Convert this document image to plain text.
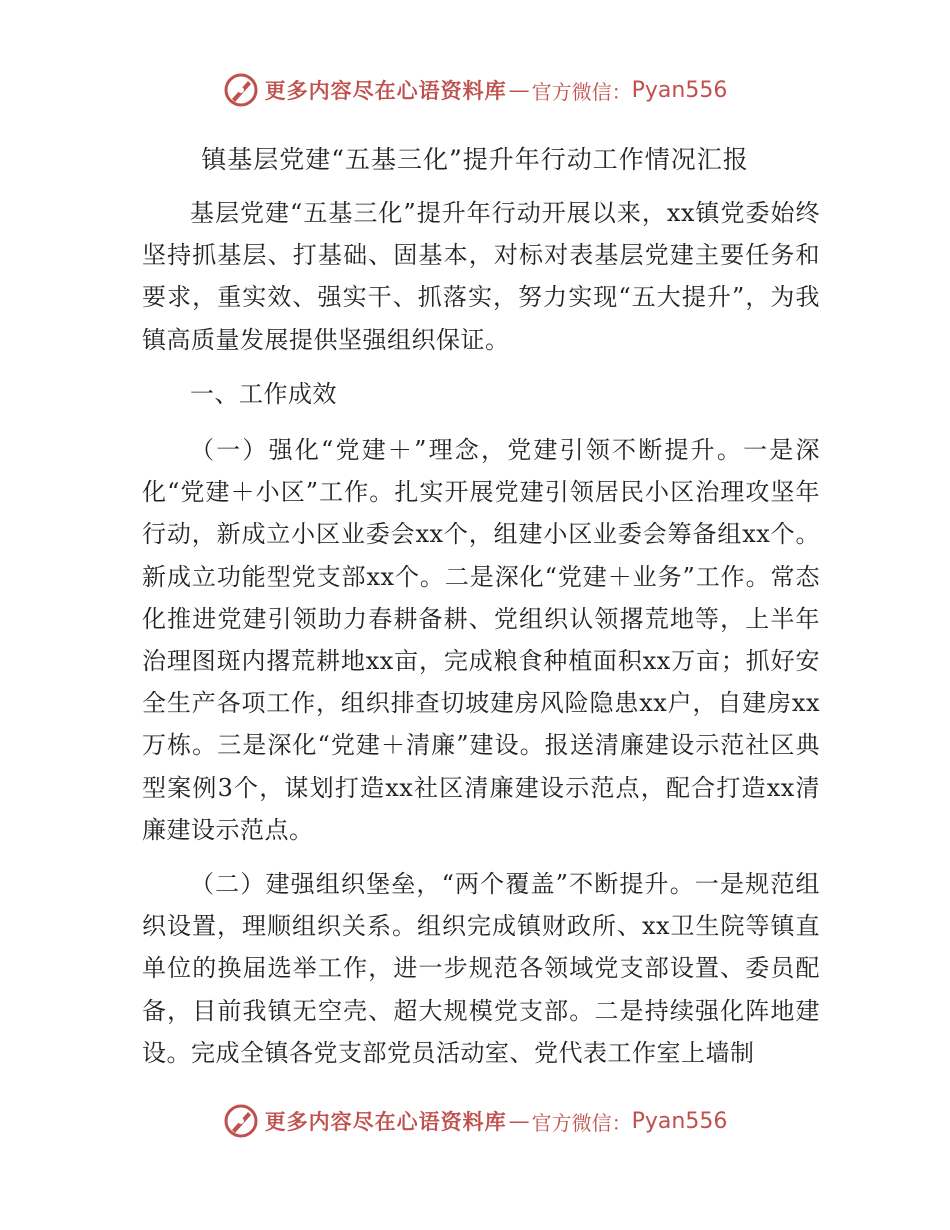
更多内容尽在心语资料库 — 官方微信： Pyan556
镇基层党建“五基三化”提升年行动工作情况汇报

基层党建“五基三化”提升年行动开展以来，xx镇党委始终坚持抓基层、打基础、固基本，对标对表基层党建主要任务和要求，重实效、强实干、抓落实，努力实现“五大提升”，为我镇高质量发展提供坚强组织保证。

一、工作成效

（一）强化“党建＋”理念，党建引领不断提升。一是深化“党建＋小区”工作。扎实开展党建引领居民小区治理攻坚年行动，新成立小区业委会xx个，组建小区业委会筹备组xx个。新成立功能型党支部xx个。二是深化“党建＋业务”工作。常态化推进党建引领助力春耕备耕、党组织认领撂荒地等，上半年治理图斑内撂荒耕地xx亩，完成粮食种植面积xx万亩；抓好安全生产各项工作，组织排查切坡建房风险隐患xx户，自建房xx万栋。三是深化“党建＋清廉”建设。报送清廉建设示范社区典型案例3个，谋划打造xx社区清廉建设示范点，配合打造xx清廉建设示范点。

（二）建强组织堡垒，“两个覆盖”不断提升。一是规范组织设置，理顺组织关系。组织完成镇财政所、xx卫生院等镇直单位的换届选举工作，进一步规范各领域党支部设置、委员配备，目前我镇无空壳、超大规模党支部。二是持续强化阵地建设。完成全镇各党支部党员活动室、党代表工作室上墙制

更多内容尽在心语资料库 — 官方微信： Pyan556
